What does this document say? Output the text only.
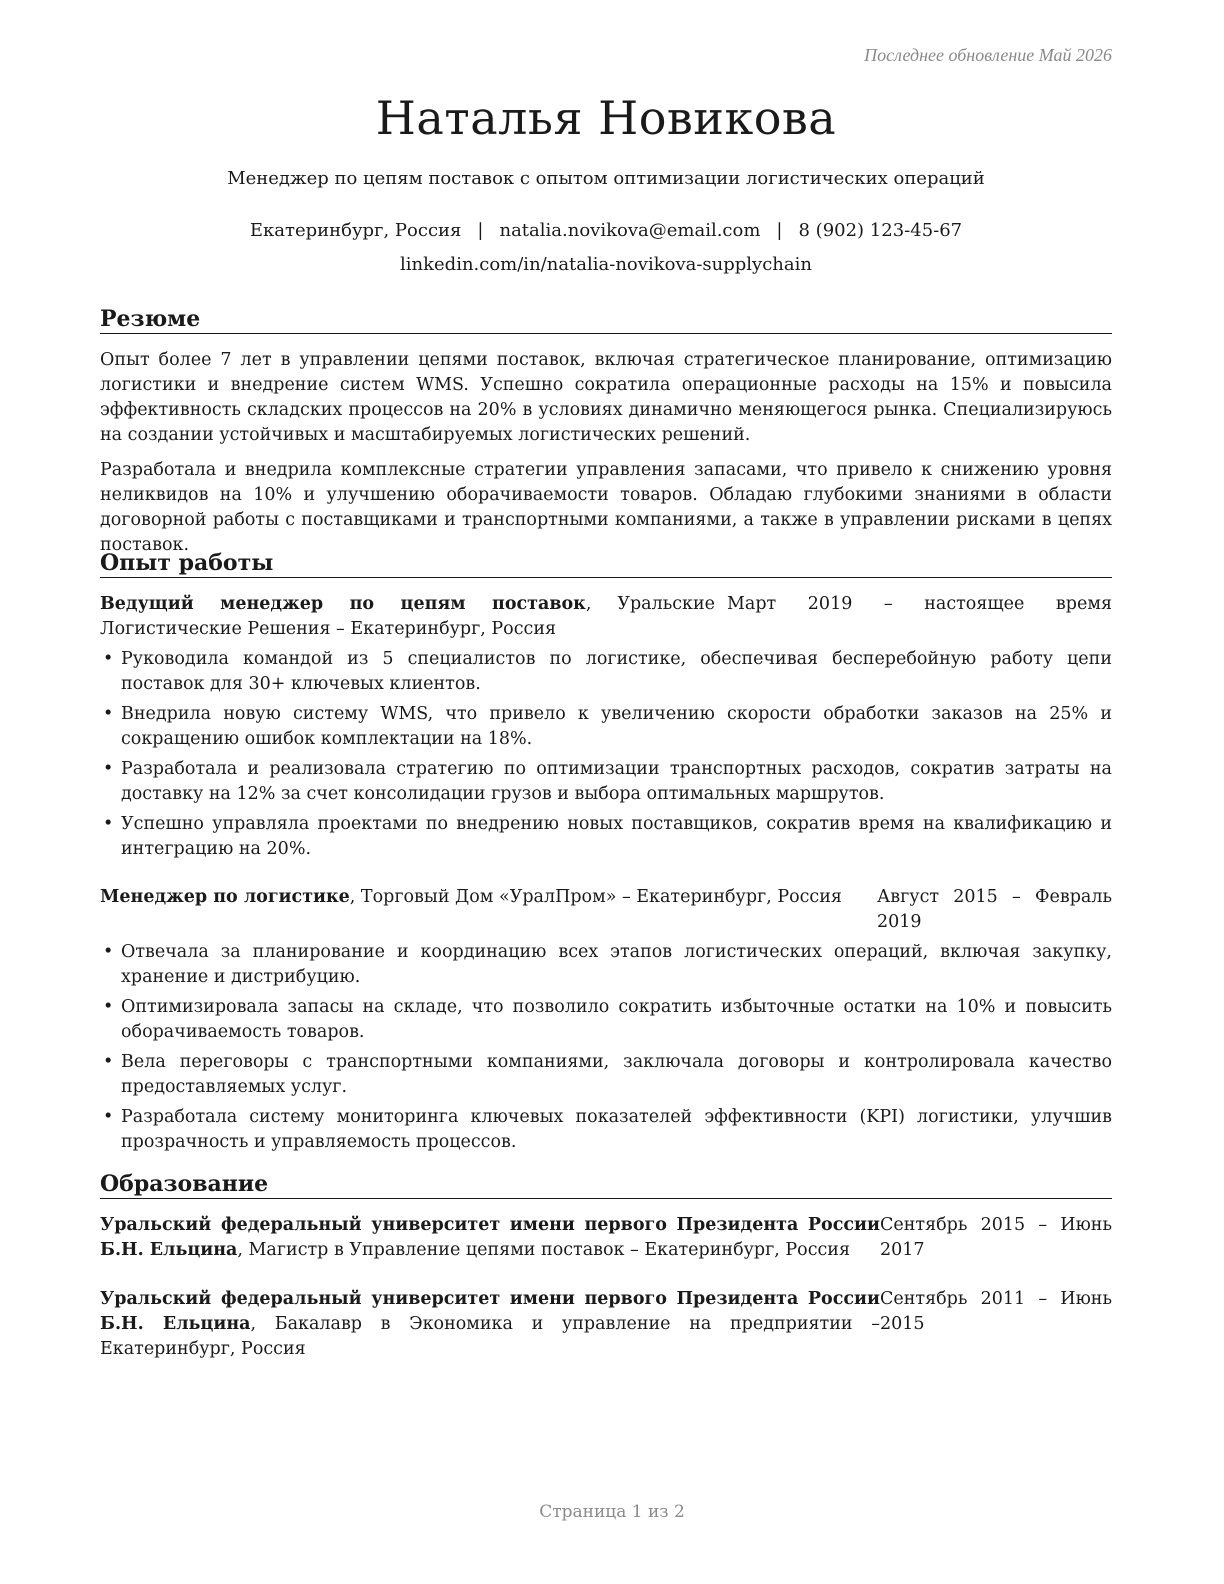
Последнее обновление Май 2026
Наталья Новикова
Менеджер по цепям поставок с опытом оптимизации логистических операций
Екатеринбург, Россия | natalia.novikova@email.com | 8 (902) 123-45-67
linkedin.com/in/natalia-novikova-supplychain
Резюме

Опыт более 7 лет в управлении цепями поставок, включая стратегическое планирование, оптимизацию логистики и внедрение систем WMS. Успешно сократила операционные расходы на 15% и повысила эффективность складских процессов на 20% в условиях динамично меняющегося рынка. Специализируюсь на создании устойчивых и масштабируемых логистических решений.

Разработала и внедрила комплексные стратегии управления запасами, что привело к снижению уровня неликвидов на 10% и улучшению оборачиваемости товаров. Обладаю глубокими знаниями в области договорной работы с поставщиками и транспортными компаниями, а также в управлении рисками в цепях поставок.

Опыт работы
Ведущий менеджер по цепям поставок, Уральские Логистические Решения – Екатеринбург, Россия
Март 2019 – настоящее время
• Руководила командой из 5 специалистов по логистике, обеспечивая бесперебойную работу цепи поставок для 30+ ключевых клиентов.
• Внедрила новую систему WMS, что привело к увеличению скорости обработки заказов на 25% и сокращению ошибок комплектации на 18%.
• Разработала и реализовала стратегию по оптимизации транспортных расходов, сократив затраты на доставку на 12% за счет консолидации грузов и выбора оптимальных маршрутов.
• Успешно управляла проектами по внедрению новых поставщиков, сократив время на квалификацию и интеграцию на 20%.
Менеджер по логистике, Торговый Дом «УралПром» – Екатеринбург, Россия	Август 2015 – Февраль 2019
• Отвечала за планирование и координацию всех этапов логистических операций, включая закупку, хранение и дистрибуцию.
• Оптимизировала запасы на складе, что позволило сократить избыточные остатки на 10% и повысить оборачиваемость товаров.
• Вела переговоры с транспортными компаниями, заключала договоры и контролировала качество предоставляемых услуг.
• Разработала систему мониторинга ключевых показателей эффективности (KPI) логистики, улучшив прозрачность и управляемость процессов.
Образование
Уральский федеральный университет имени первого Президента России Б.Н. Ельцина, Магистр в Управление цепями поставок – Екатеринбург, Россия
Сентябрь 2015 – Июнь 2017
Уральский федеральный университет имени первого Президента России Б.Н. Ельцина, Бакалавр в Экономика и управление на предприятии – Екатеринбург, Россия
Сентябрь 2011 – Июнь 2015
Страница 1 из 2
